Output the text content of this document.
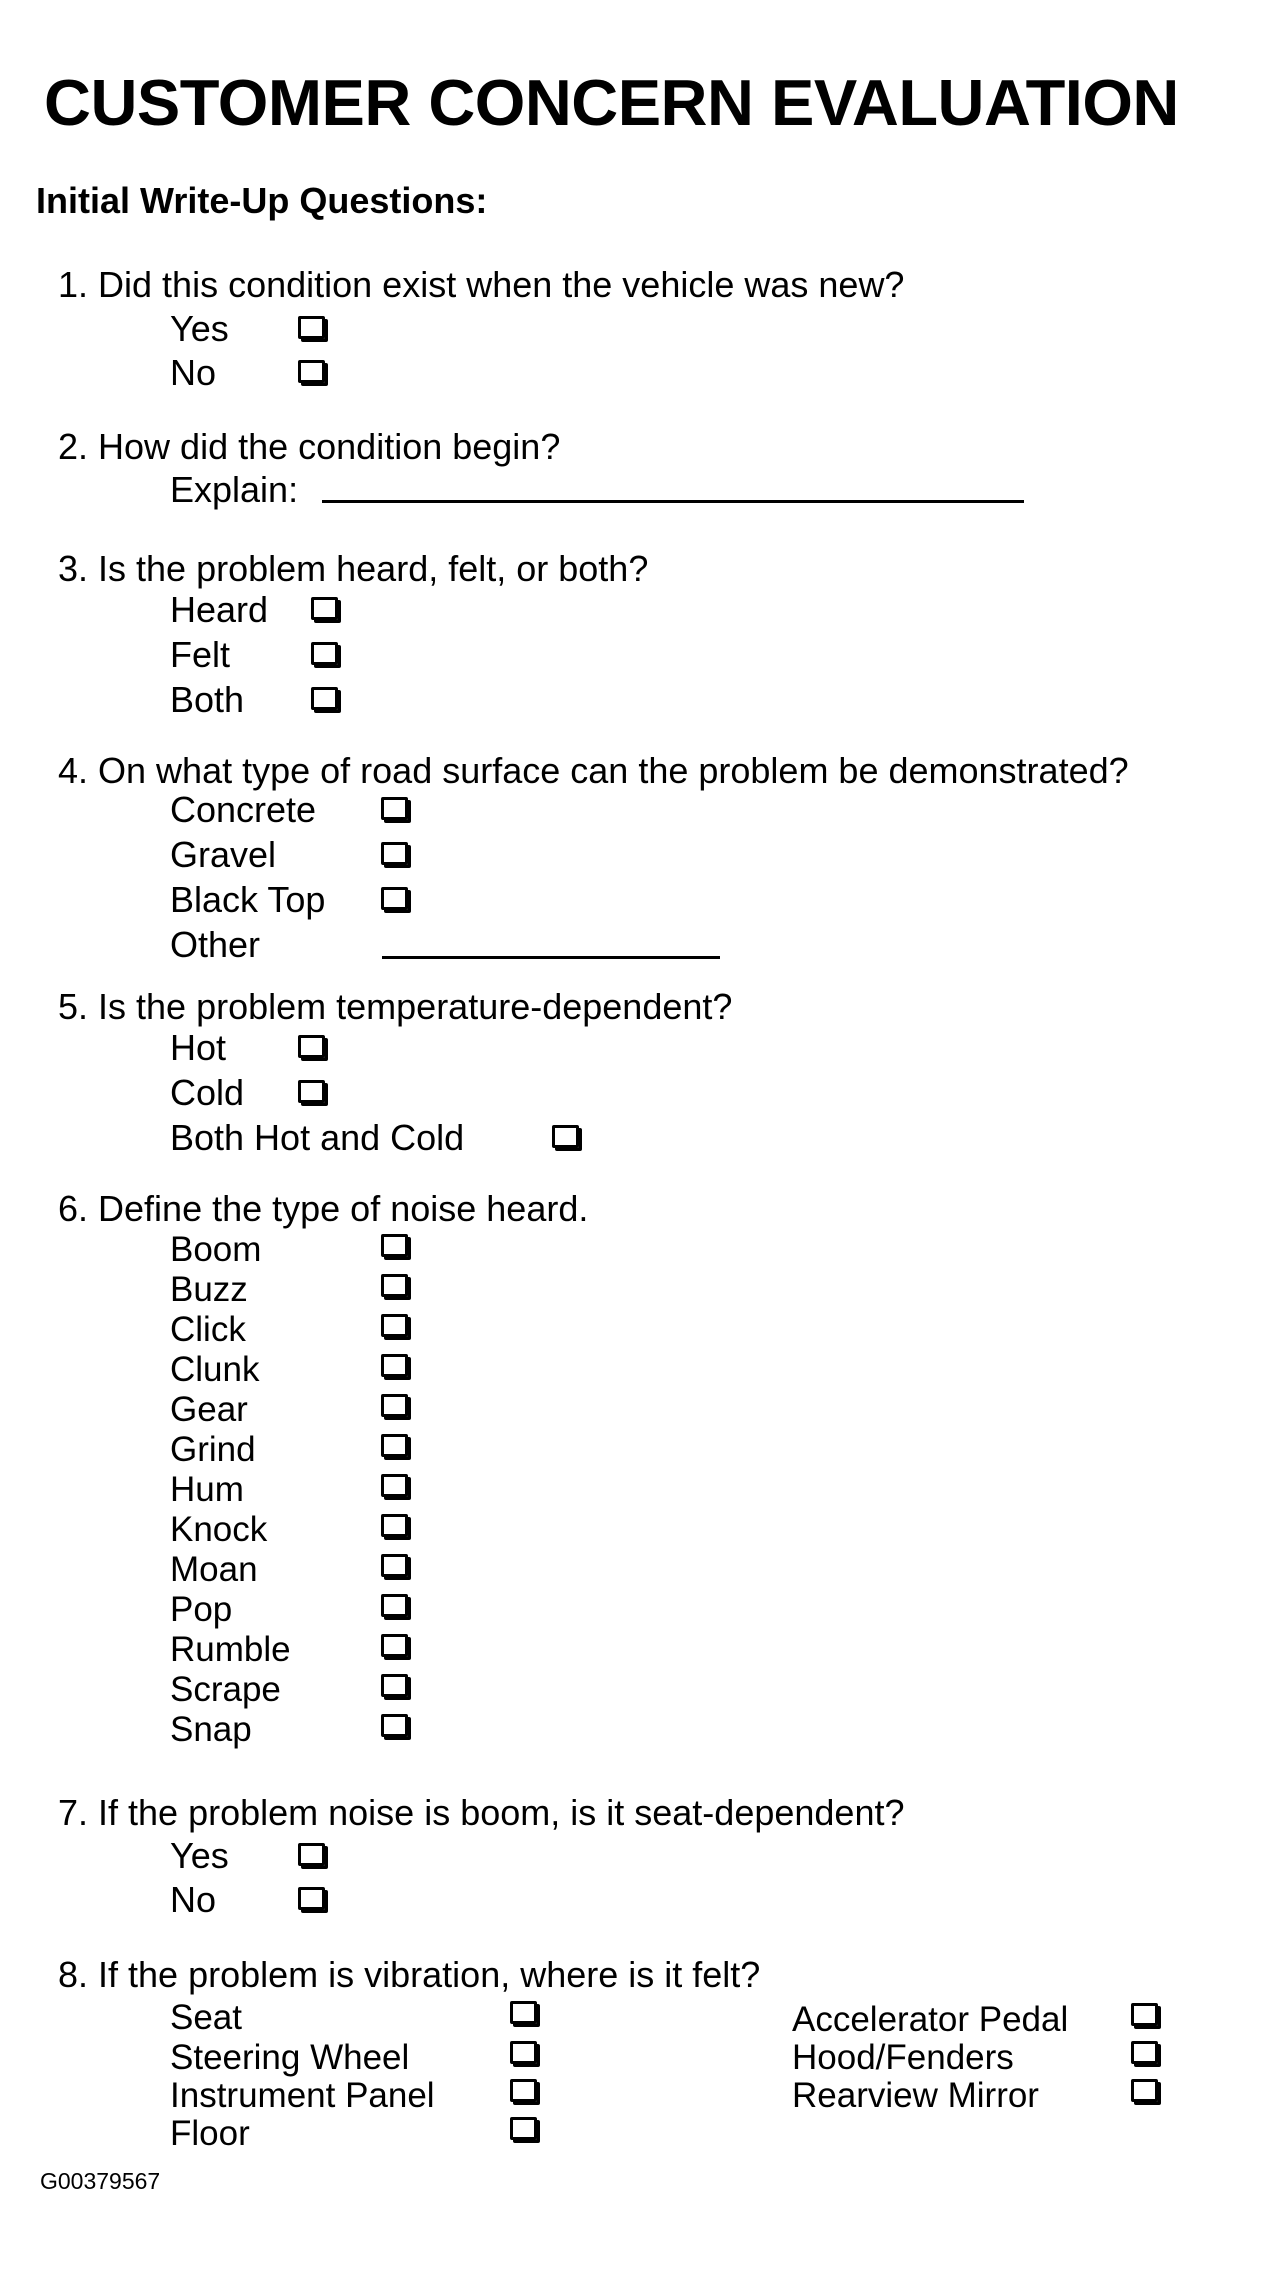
CUSTOMER CONCERN EVALUATION
Initial Write-Up Questions:
1. Did this condition exist when the vehicle was new?
Yes
No
2. How did the condition begin?
Explain:
3. Is the problem heard, felt, or both?
Heard
Felt
Both
4. On what type of road surface can the problem be demonstrated?
Concrete
Gravel
Black Top
Other
5. Is the problem temperature-dependent?
Hot
Cold
Both Hot and Cold
6. Define the type of noise heard.
Boom
Buzz
Click
Clunk
Gear
Grind
Hum
Knock
Moan
Pop
Rumble
Scrape
Snap
7. If the problem noise is boom, is it seat-dependent?
Yes
No
8. If the problem is vibration, where is it felt?
Seat
Steering Wheel
Instrument Panel
Floor
Accelerator Pedal
Hood/Fenders
Rearview Mirror
G00379567
